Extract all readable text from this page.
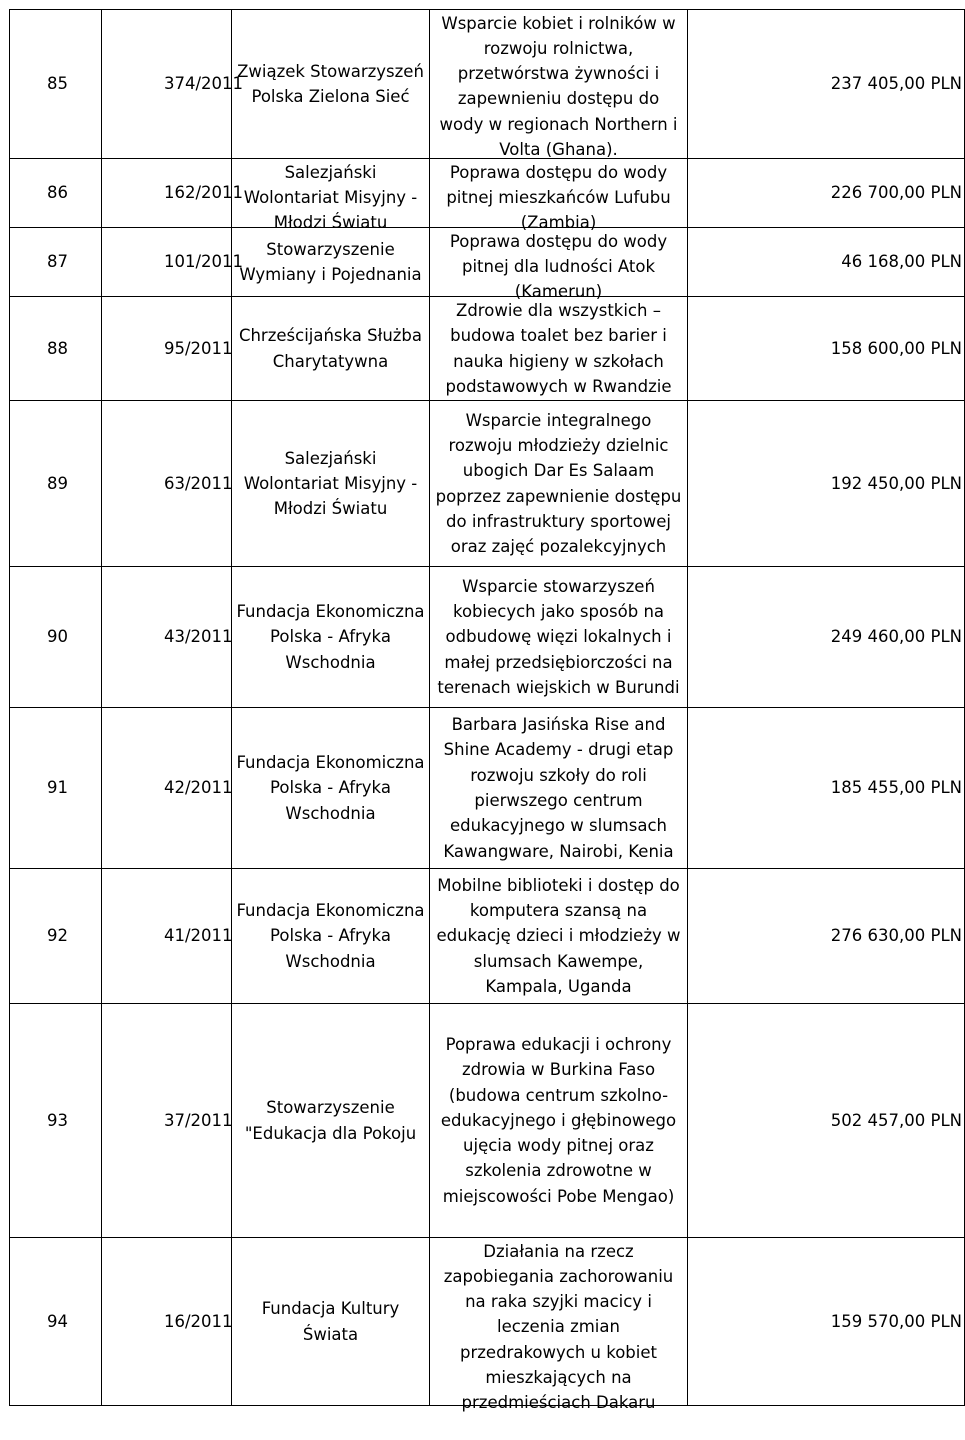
85	374/2011	Związek Stowarzyszeń Polska Zielona Sieć	Wsparcie kobiet i rolników w rozwoju rolnictwa, przetwórstwa żywności i zapewnieniu dostępu do wody w regionach Northern i Volta (Ghana).	237 405,00 PLN

86	162/2011	Salezjański Wolontariat Misyjny - Młodzi Światu	Poprawa dostępu do wody pitnej mieszkańców Lufubu (Zambia)	226 700,00 PLN

87	101/2011	Stowarzyszenie Wymiany i Pojednania	Poprawa dostępu do wody pitnej dla ludności Atok (Kamerun)	46 168,00 PLN

88	95/2011	Chrześcijańska Służba Charytatywna	Zdrowie dla wszystkich – budowa toalet bez barier i nauka higieny w szkołach podstawowych w Rwandzie	158 600,00 PLN

89	63/2011	Salezjański Wolontariat Misyjny - Młodzi Światu	Wsparcie integralnego rozwoju młodzieży dzielnic ubogich Dar Es Salaam poprzez zapewnienie dostępu do infrastruktury sportowej oraz zajęć pozalekcyjnych	192 450,00 PLN

90	43/2011	Fundacja Ekonomiczna Polska - Afryka Wschodnia	Wsparcie stowarzyszeń kobiecych jako sposób na odbudowę więzi lokalnych i małej przedsiębiorczości na terenach wiejskich w Burundi	249 460,00 PLN

91	42/2011	Fundacja Ekonomiczna Polska - Afryka Wschodnia	Barbara Jasińska Rise and Shine Academy - drugi etap rozwoju szkoły do roli pierwszego centrum edukacyjnego w slumsach Kawangware, Nairobi, Kenia	185 455,00 PLN

92	41/2011	Fundacja Ekonomiczna Polska - Afryka Wschodnia	Mobilne biblioteki i dostęp do komputera szansą na edukację dzieci i młodzieży w slumsach Kawempe, Kampala, Uganda	276 630,00 PLN

93	37/2011	Stowarzyszenie "Edukacja dla Pokoju	Poprawa edukacji i ochrony zdrowia w Burkina Faso (budowa centrum szkolno-edukacyjnego i głębinowego ujęcia wody pitnej oraz szkolenia zdrowotne w miejscowości Pobe Mengao)	502 457,00 PLN

94	16/2011	Fundacja Kultury Świata	Działania na rzecz zapobiegania zachorowaniu na raka szyjki macicy i leczenia zmian przedrakowych u kobiet mieszkających na przedmieściach Dakaru	159 570,00 PLN
